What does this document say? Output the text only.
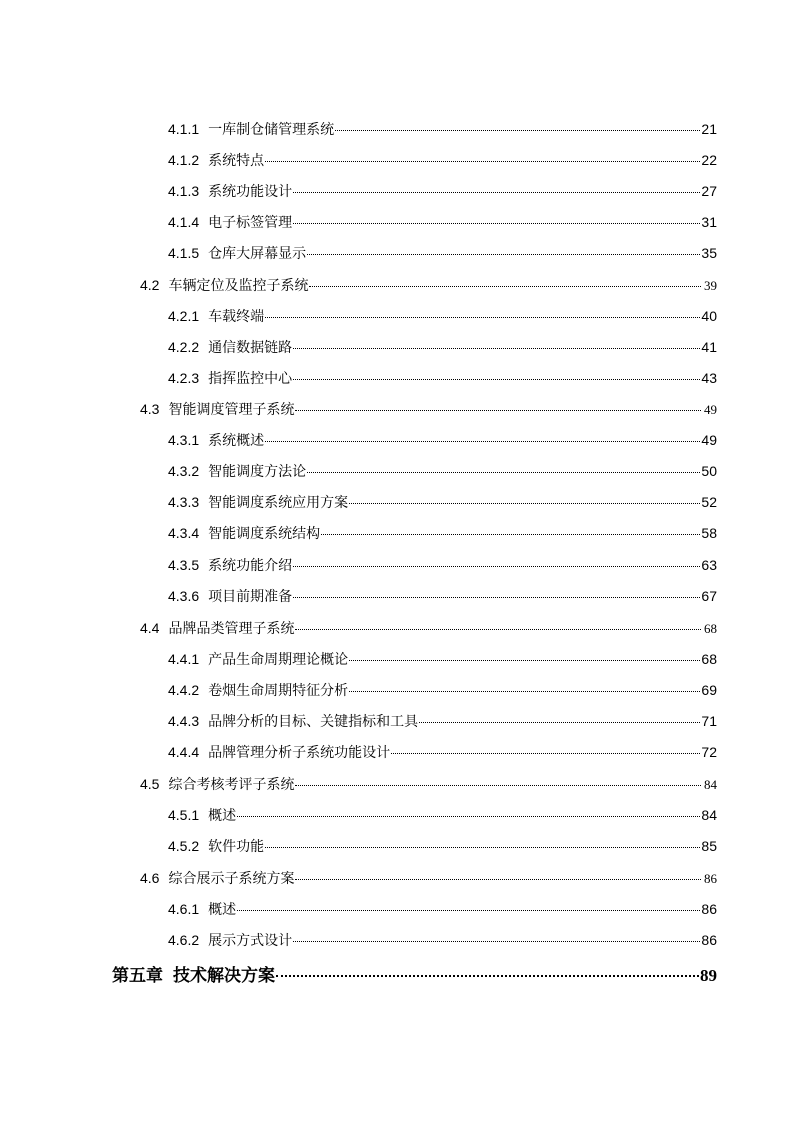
4.1.1 一库制仓储管理系统	21
4.1.2 系统特点	22
4.1.3 系统功能设计	27
4.1.4 电子标签管理	31
4.1.5 仓库大屏幕显示	35
4.2 车辆定位及监控子系统	39
4.2.1 车载终端	40
4.2.2 通信数据链路	41
4.2.3 指挥监控中心	43
4.3 智能调度管理子系统	49
4.3.1 系统概述	49
4.3.2 智能调度方法论	50
4.3.3 智能调度系统应用方案	52
4.3.4 智能调度系统结构	58
4.3.5 系统功能介绍	63
4.3.6 项目前期准备	67
4.4 品牌品类管理子系统	68
4.4.1 产品生命周期理论概论	68
4.4.2 卷烟生命周期特征分析	69
4.4.3 品牌分析的目标、关键指标和工具	71
4.4.4 品牌管理分析子系统功能设计	72
4.5 综合考核考评子系统	84
4.5.1 概述	84
4.5.2 软件功能	85
4.6 综合展示子系统方案	86
4.6.1 概述	86
4.6.2 展示方式设计	86
第五章 技术解决方案	89
